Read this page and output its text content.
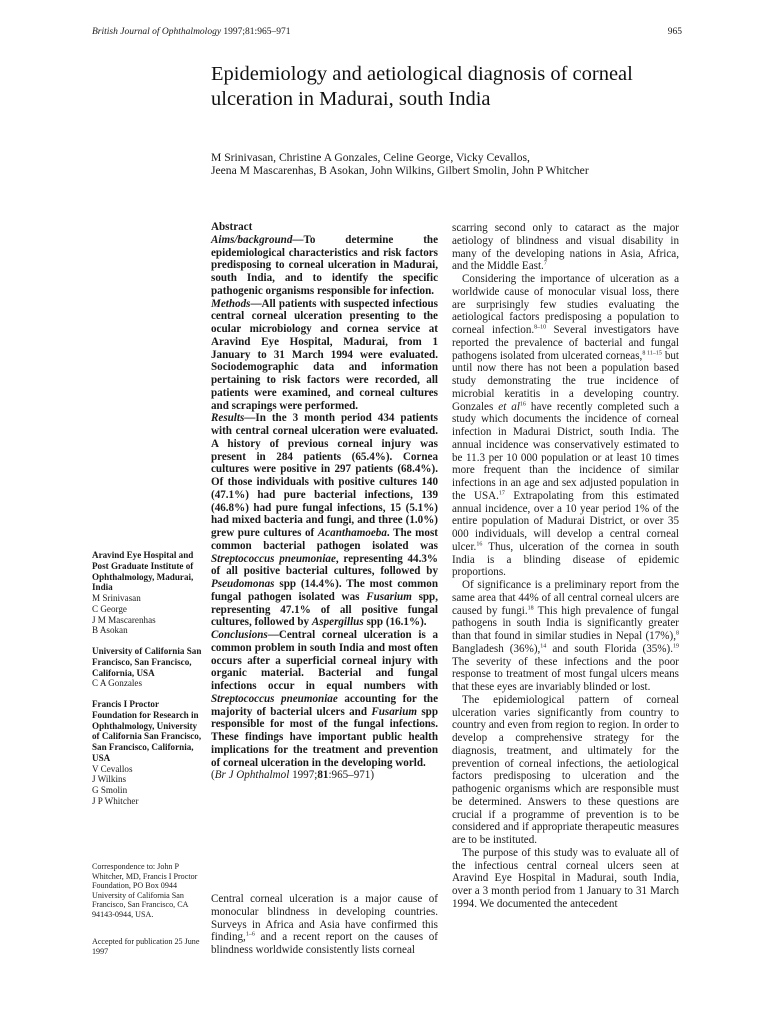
British Journal of Ophthalmology 1997;81:965–971	965
Epidemiology and aetiological diagnosis of corneal ulceration in Madurai, south India
M Srinivasan, Christine A Gonzales, Celine George, Vicky Cevallos,
Jeena M Mascarenhas, B Asokan, John Wilkins, Gilbert Smolin, John P Whitcher
Aravind Eye Hospital and Post Graduate Institute of Ophthalmology, Madurai, India
M Srinivasan
C George
J M Mascarenhas
B Asokan
University of California San Francisco, San Francisco, California, USA
C A Gonzales
Francis I Proctor Foundation for Research in Ophthalmology, University of California San Francisco, San Francisco, California, USA
V Cevallos
J Wilkins
G Smolin
J P Whitcher
Correspondence to: John P Whitcher, MD, Francis I Proctor Foundation, PO Box 0944 University of California San Francisco, San Francisco, CA 94143-0944, USA.
Accepted for publication 25 June 1997

Abstract

Aims/background—To determine the epidemiological characteristics and risk factors predisposing to corneal ulceration in Madurai, south India, and to identify the specific pathogenic organisms responsible for infection.

Methods—All patients with suspected infectious central corneal ulceration presenting to the ocular microbiology and cornea service at Aravind Eye Hospital, Madurai, from 1 January to 31 March 1994 were evaluated. Sociodemographic data and information pertaining to risk factors were recorded, all patients were examined, and corneal cultures and scrapings were performed.

Results—In the 3 month period 434 patients with central corneal ulceration were evaluated. A history of previous corneal injury was present in 284 patients (65.4%). Cornea cultures were positive in 297 patients (68.4%). Of those individuals with positive cultures 140 (47.1%) had pure bacterial infections, 139 (46.8%) had pure fungal infections, 15 (5.1%) had mixed bacteria and fungi, and three (1.0%) grew pure cultures of Acanthamoeba. The most common bacterial pathogen isolated was Streptococcus pneumoniae, representing 44.3% of all positive bacterial cultures, followed by Pseudomonas spp (14.4%). The most common fungal pathogen isolated was Fusarium spp, representing 47.1% of all positive fungal cultures, followed by Aspergillus spp (16.1%).

Conclusions—Central corneal ulceration is a common problem in south India and most often occurs after a superficial corneal injury with organic material. Bacterial and fungal infections occur in equal numbers with Streptococcus pneumoniae accounting for the majority of bacterial ulcers and Fusarium spp responsible for most of the fungal infections. These findings have important public health implications for the treatment and prevention of corneal ulceration in the developing world.

(Br J Ophthalmol 1997;81:965–971)

Central corneal ulceration is a major cause of monocular blindness in developing countries. Surveys in Africa and Asia have confirmed this finding,$^{1-6}$ and a recent report on the causes of blindness worldwide consistently lists corneal

scarring second only to cataract as the major aetiology of blindness and visual disability in many of the developing nations in Asia, Africa, and the Middle East.$^7$

Considering the importance of ulceration as a worldwide cause of monocular visual loss, there are surprisingly few studies evaluating the aetiological factors predisposing a population to corneal infection.$^{8-10}$ Several investigators have reported the prevalence of bacterial and fungal pathogens isolated from ulcerated corneas,$^{8 11-15}$ but until now there has not been a population based study demonstrating the true incidence of microbial keratitis in a developing country. Gonzales et $al^{16}$ have recently completed such a study which documents the incidence of corneal infection in Madurai District, south India. The annual incidence was conservatively estimated to be 11.3 per 10 000 population or at least 10 times more frequent than the incidence of similar infections in an age and sex adjusted population in the USA.$^{17}$ Extrapolating from this estimated annual incidence, over a 10 year period 1% of the entire population of Madurai District, or over 35 000 individuals, will develop a central corneal ulcer.$^{16}$ Thus, ulceration of the cornea in south India is a blinding disease of epidemic proportions.

Of significance is a preliminary report from the same area that 44% of all central corneal ulcers are caused by fungi.$^{18}$ This high prevalence of fungal pathogens in south India is significantly greater than that found in similar studies in Nepal (17%),$^8$ Bangladesh (36%),$^{14}$ and south Florida (35%).$^{19}$ The severity of these infections and the poor response to treatment of most fungal ulcers means that these eyes are invariably blinded or lost.

The epidemiological pattern of corneal ulceration varies significantly from country to country and even from region to region. In order to develop a comprehensive strategy for the diagnosis, treatment, and ultimately for the prevention of corneal infections, the aetiological factors predisposing to ulceration and the pathogenic organisms which are responsible must be determined. Answers to these questions are crucial if a programme of prevention is to be considered and if appropriate therapeutic measures are to be instituted.

The purpose of this study was to evaluate all of the infectious central corneal ulcers seen at Aravind Eye Hospital in Madurai, south India, over a 3 month period from 1 January to 31 March 1994. We documented the antecedent
